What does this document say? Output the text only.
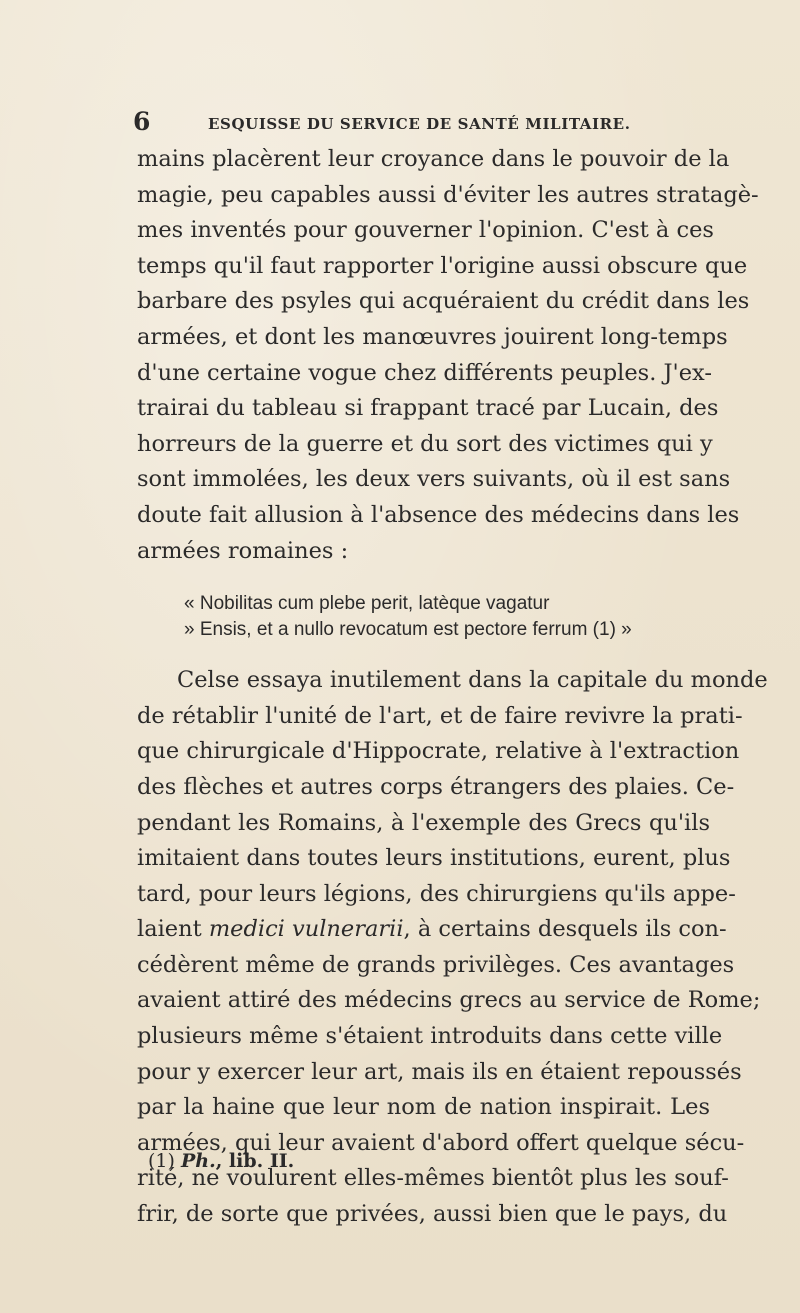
6	ESQUISSE DU SERVICE DE SANTÉ MILITAIRE.
mains placèrent leur croyance dans le pouvoir de la
magie, peu capables aussi d'éviter les autres stratagè-
mes inventés pour gouverner l'opinion. C'est à ces
temps qu'il faut rapporter l'origine aussi obscure que
barbare des psyles qui acquéraient du crédit dans les
armées, et dont les manœuvres jouirent long-temps
d'une certaine vogue chez différents peuples. J'ex-
trairai du tableau si frappant tracé par Lucain, des
horreurs de la guerre et du sort des victimes qui y
sont immolées, les deux vers suivants, où il est sans
doute fait allusion à l'absence des médecins dans les
armées romaines :
« Nobilitas cum plebe perit, latèque vagatur
» Ensis, et a nullo revocatum est pectore ferrum (1) »
Celse essaya inutilement dans la capitale du monde
de rétablir l'unité de l'art, et de faire revivre la prati-
que chirurgicale d'Hippocrate, relative à l'extraction
des flèches et autres corps étrangers des plaies. Ce-
pendant les Romains, à l'exemple des Grecs qu'ils
imitaient dans toutes leurs institutions, eurent, plus
tard, pour leurs légions, des chirurgiens qu'ils appe-
laient medici vulnerarii, à certains desquels ils con-
cédèrent même de grands privilèges. Ces avantages
avaient attiré des médecins grecs au service de Rome;
plusieurs même s'étaient introduits dans cette ville
pour y exercer leur art, mais ils en étaient repoussés
par la haine que leur nom de nation inspirait. Les
armées, qui leur avaient d'abord offert quelque sécu-
rité, ne voulurent elles-mêmes bientôt plus les souf-
frir, de sorte que privées, aussi bien que le pays, du
(1) Ph., lib. II.
